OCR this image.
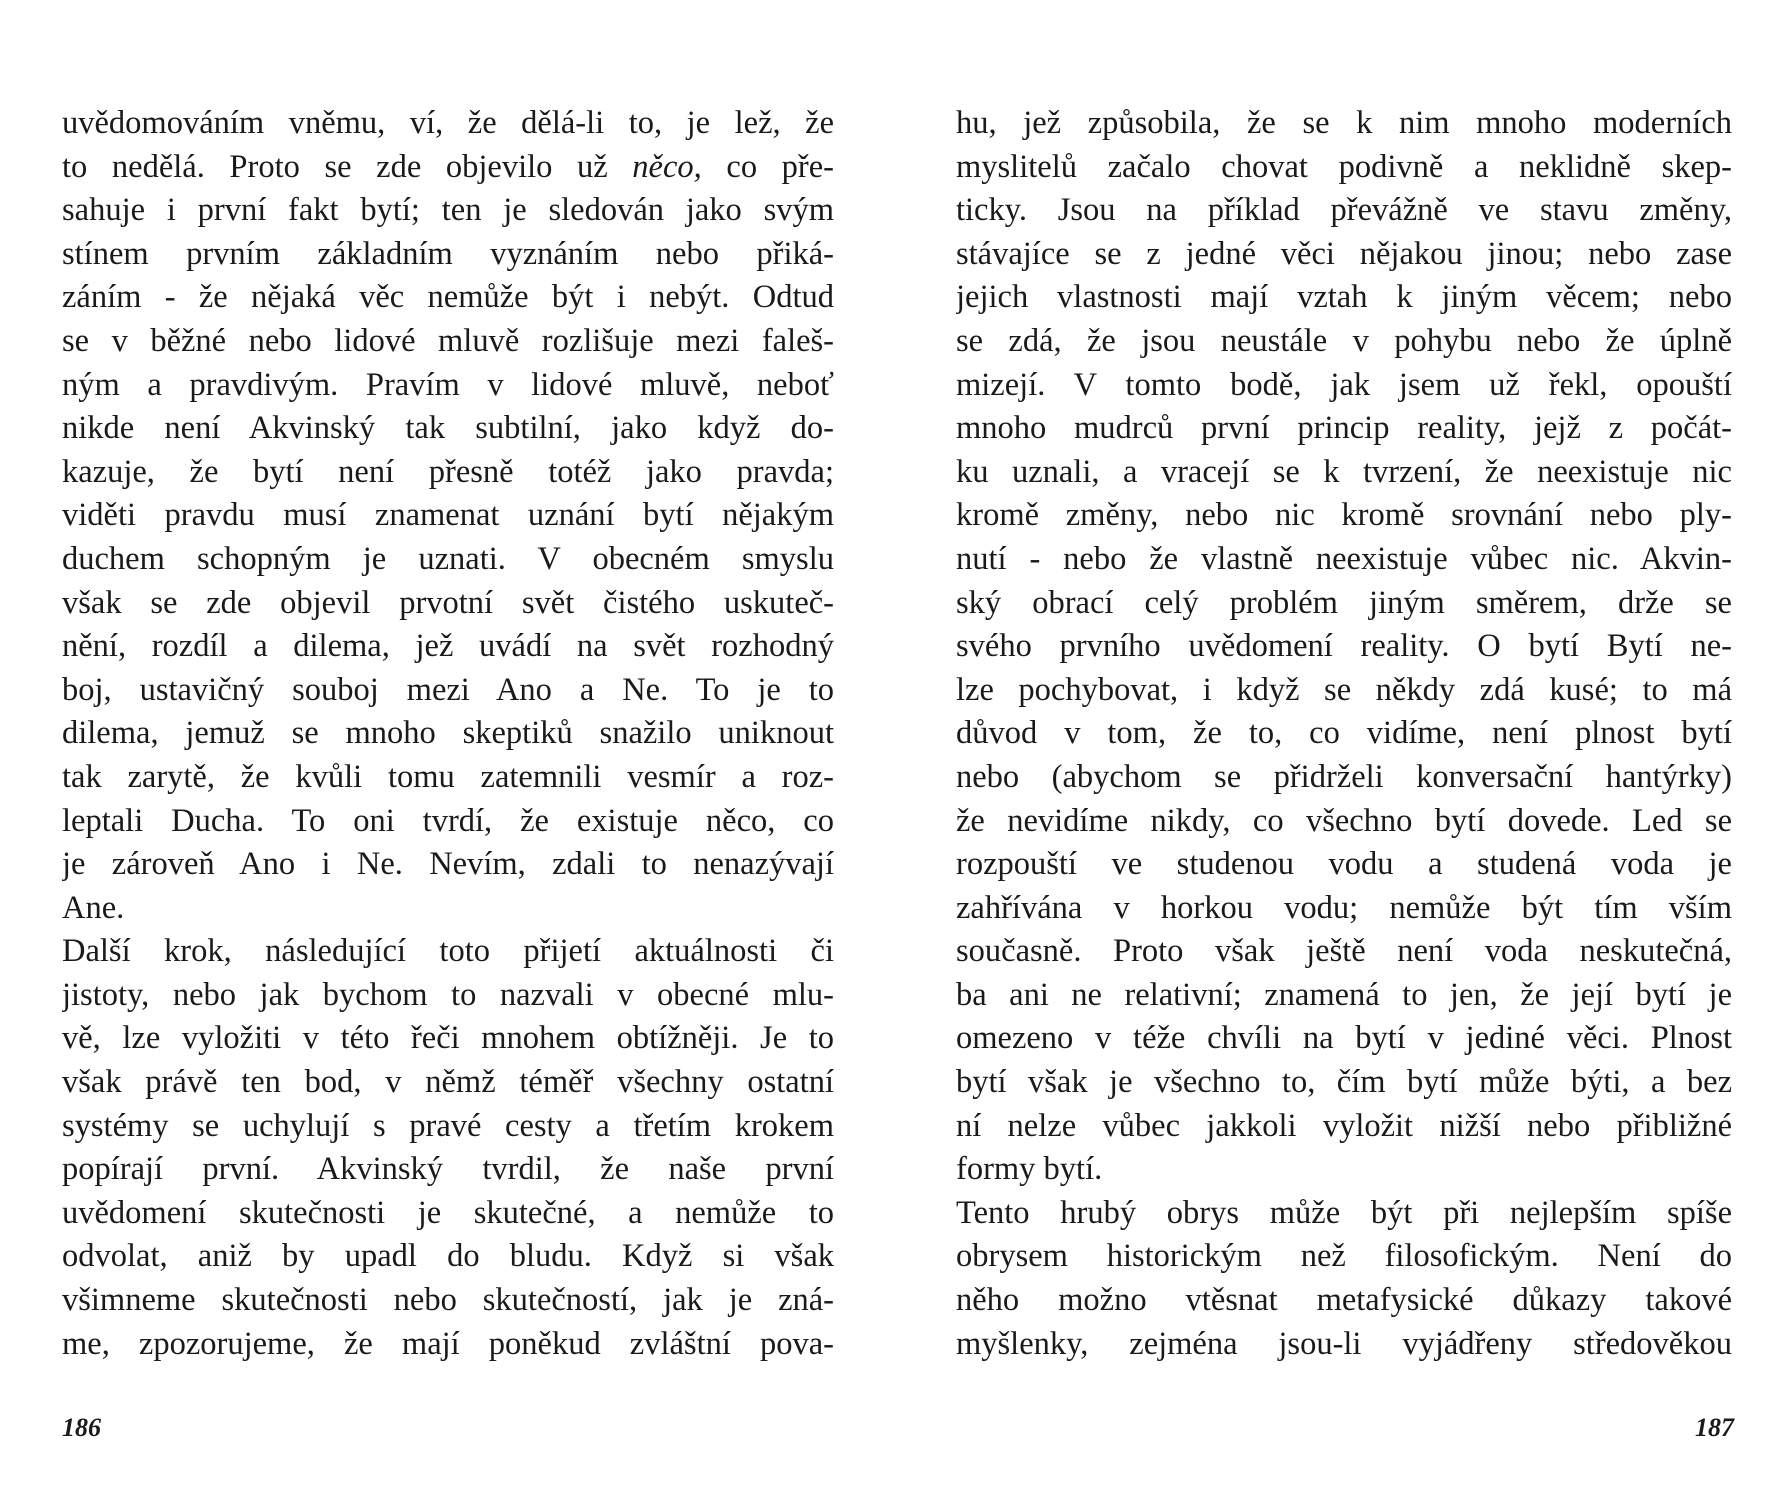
uvědomováním vněmu, ví, že dělá-li to, je lež, že
to nedělá. Proto se zde objevilo už něco, co pře-
sahuje i první fakt bytí; ten je sledován jako svým
stínem prvním základním vyznáním nebo přiká-
záním - že nějaká věc nemůže být i nebýt. Odtud
se v běžné nebo lidové mluvě rozlišuje mezi faleš-
ným a pravdivým. Pravím v lidové mluvě, neboť
nikde není Akvinský tak subtilní, jako když do-
kazuje, že bytí není přesně totéž jako pravda;
viděti pravdu musí znamenat uznání bytí nějakým
duchem schopným je uznati. V obecném smyslu
však se zde objevil prvotní svět čistého uskuteč-
nění, rozdíl a dilema, jež uvádí na svět rozhodný
boj, ustavičný souboj mezi Ano a Ne. To je to
dilema, jemuž se mnoho skeptiků snažilo uniknout
tak zarytě, že kvůli tomu zatemnili vesmír a roz-
leptali Ducha. To oni tvrdí, že existuje něco, co
je zároveň Ano i Ne. Nevím, zdali to nenazývají
Ane.
Další krok, následující toto přijetí aktuálnosti či
jistoty, nebo jak bychom to nazvali v obecné mlu-
vě, lze vyložiti v této řeči mnohem obtížněji. Je to
však právě ten bod, v němž téměř všechny ostatní
systémy se uchylují s pravé cesty a třetím krokem
popírají první. Akvinský tvrdil, že naše první
uvědomení skutečnosti je skutečné, a nemůže to
odvolat, aniž by upadl do bludu. Když si však
všimneme skutečnosti nebo skutečností, jak je zná-
me, zpozorujeme, že mají poněkud zvláštní pova-
hu, jež způsobila, že se k nim mnoho moderních
myslitelů začalo chovat podivně a neklidně skep-
ticky. Jsou na příklad převážně ve stavu změny,
stávajíce se z jedné věci nějakou jinou; nebo zase
jejich vlastnosti mají vztah k jiným věcem; nebo
se zdá, že jsou neustále v pohybu nebo že úplně
mizejí. V tomto bodě, jak jsem už řekl, opouští
mnoho mudrců první princip reality, jejž z počát-
ku uznali, a vracejí se k tvrzení, že neexistuje nic
kromě změny, nebo nic kromě srovnání nebo ply-
nutí - nebo že vlastně neexistuje vůbec nic. Akvin-
ský obrací celý problém jiným směrem, drže se
svého prvního uvědomení reality. O bytí Bytí ne-
lze pochybovat, i když se někdy zdá kusé; to má
důvod v tom, že to, co vidíme, není plnost bytí
nebo (abychom se přidrželi konversační hantýrky)
že nevidíme nikdy, co všechno bytí dovede. Led se
rozpouští ve studenou vodu a studená voda je
zahřívána v horkou vodu; nemůže být tím vším
současně. Proto však ještě není voda neskutečná,
ba ani ne relativní; znamená to jen, že její bytí je
omezeno v téže chvíli na bytí v jediné věci. Plnost
bytí však je všechno to, čím bytí může býti, a bez
ní nelze vůbec jakkoli vyložit nižší nebo přibližné
formy bytí.
Tento hrubý obrys může být při nejlepším spíše
obrysem historickým než filosofickým. Není do
něho možno vtěsnat metafysické důkazy takové
myšlenky, zejména jsou-li vyjádřeny středověkou
186	187
